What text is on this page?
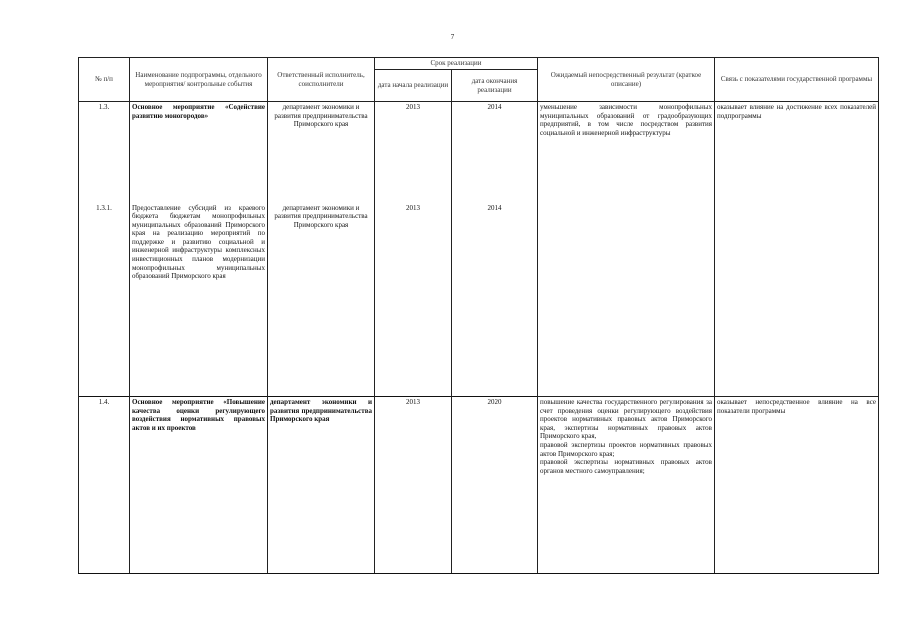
7
№ п/п	Наименование подпрограммы, отдельного мероприятия/ контрольные события	Ответственный исполнитель, соисполнители	Срок реализации		Ожидаемый непосредственный результат (краткое описание)	Связь с показателями государственной программы
			дата начала реализации	дата окончания реализации		
1.3.	Основное мероприятие «Содействие развитию моногородов»	департамент экономики и развития предпринимательства Приморского края	2013	2014	уменьшение зависимости монопрофильных муниципальных образований от градообразующих предприятий, в том числе посредством развития социальной и инженерной инфраструктуры	оказывает влияние на достижение всех показателей подпрограммы
1.3.1.	Предоставление субсидий из краевого бюджета бюджетам монопрофильных муниципальных образований Приморского края на реализацию мероприятий по поддержке и развитию социальной и инженерной инфраструктуры комплексных инвестиционных планов модернизации монопрофильных муниципальных образований Приморского края	департамент экономики и развития предпринимательства Приморского края	2013	2014		
1.4.	Основное мероприятие «Повышение качества оценки регулирующего воздействия нормативных правовых актов и их проектов	департамент экономики и развития предпринимательства Приморского края	2013	2020	повышение качества государственного регулирования за счет проведения оценки регулирующего воздействия проектов нормативных правовых актов Приморского края, экспертизы нормативных правовых актов Приморского края,
правовой экспертизы проектов нормативных правовых актов Приморского края;
правовой экспертизы нормативных правовых актов органов местного самоуправления;	оказывает непосредственное влияние на все показатели программы
